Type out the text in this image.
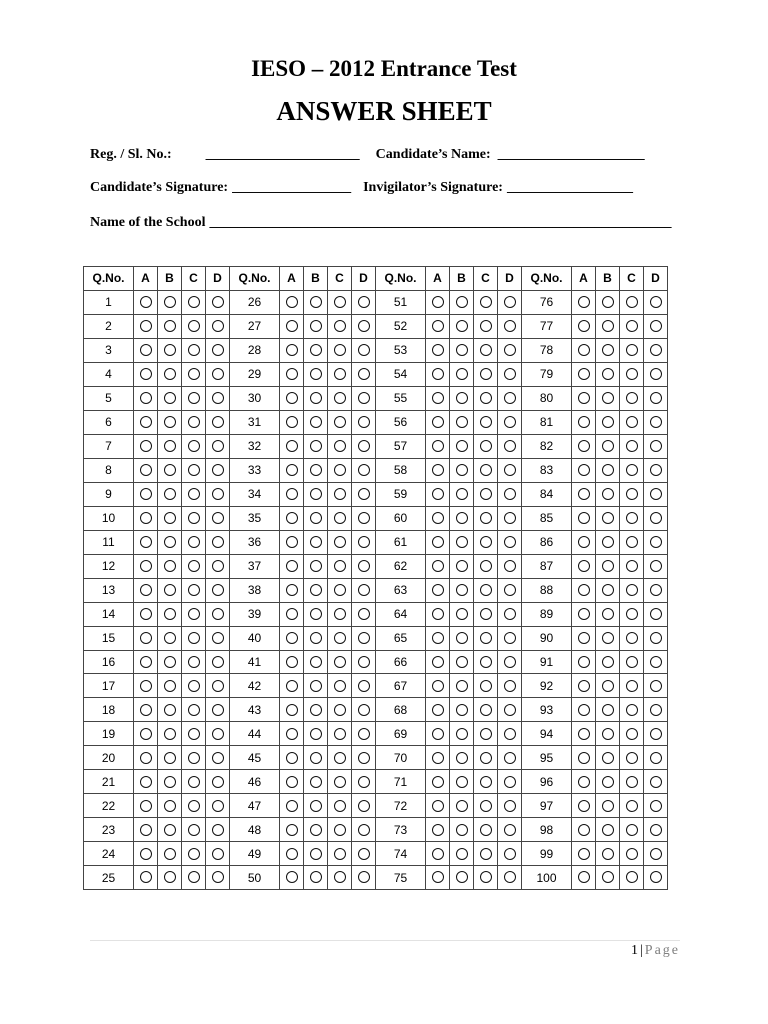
IESO – 2012 Entrance Test
ANSWER SHEET
Reg. / Sl. No.: ______________________ Candidate’s Name: _____________________
Candidate’s Signature: _________________ Invigilator’s Signature: __________________
Name of the School __________________________________________________________________
Q.No.	A	B	C	D	Q.No.	A	B	C	D	Q.No.	A	B	C	D	Q.No.	A	B	C	D
1					26					51					76				
2					27					52					77				
3					28					53					78				
4					29					54					79				
5					30					55					80				
6					31					56					81				
7					32					57					82				
8					33					58					83				
9					34					59					84				
10					35					60					85				
11					36					61					86				
12					37					62					87				
13					38					63					88				
14					39					64					89				
15					40					65					90				
16					41					66					91				
17					42					67					92				
18					43					68					93				
19					44					69					94				
20					45					70					95				
21					46					71					96				
22					47					72					97				
23					48					73					98				
24					49					74					99				
25					50					75					100				
1 | Page
